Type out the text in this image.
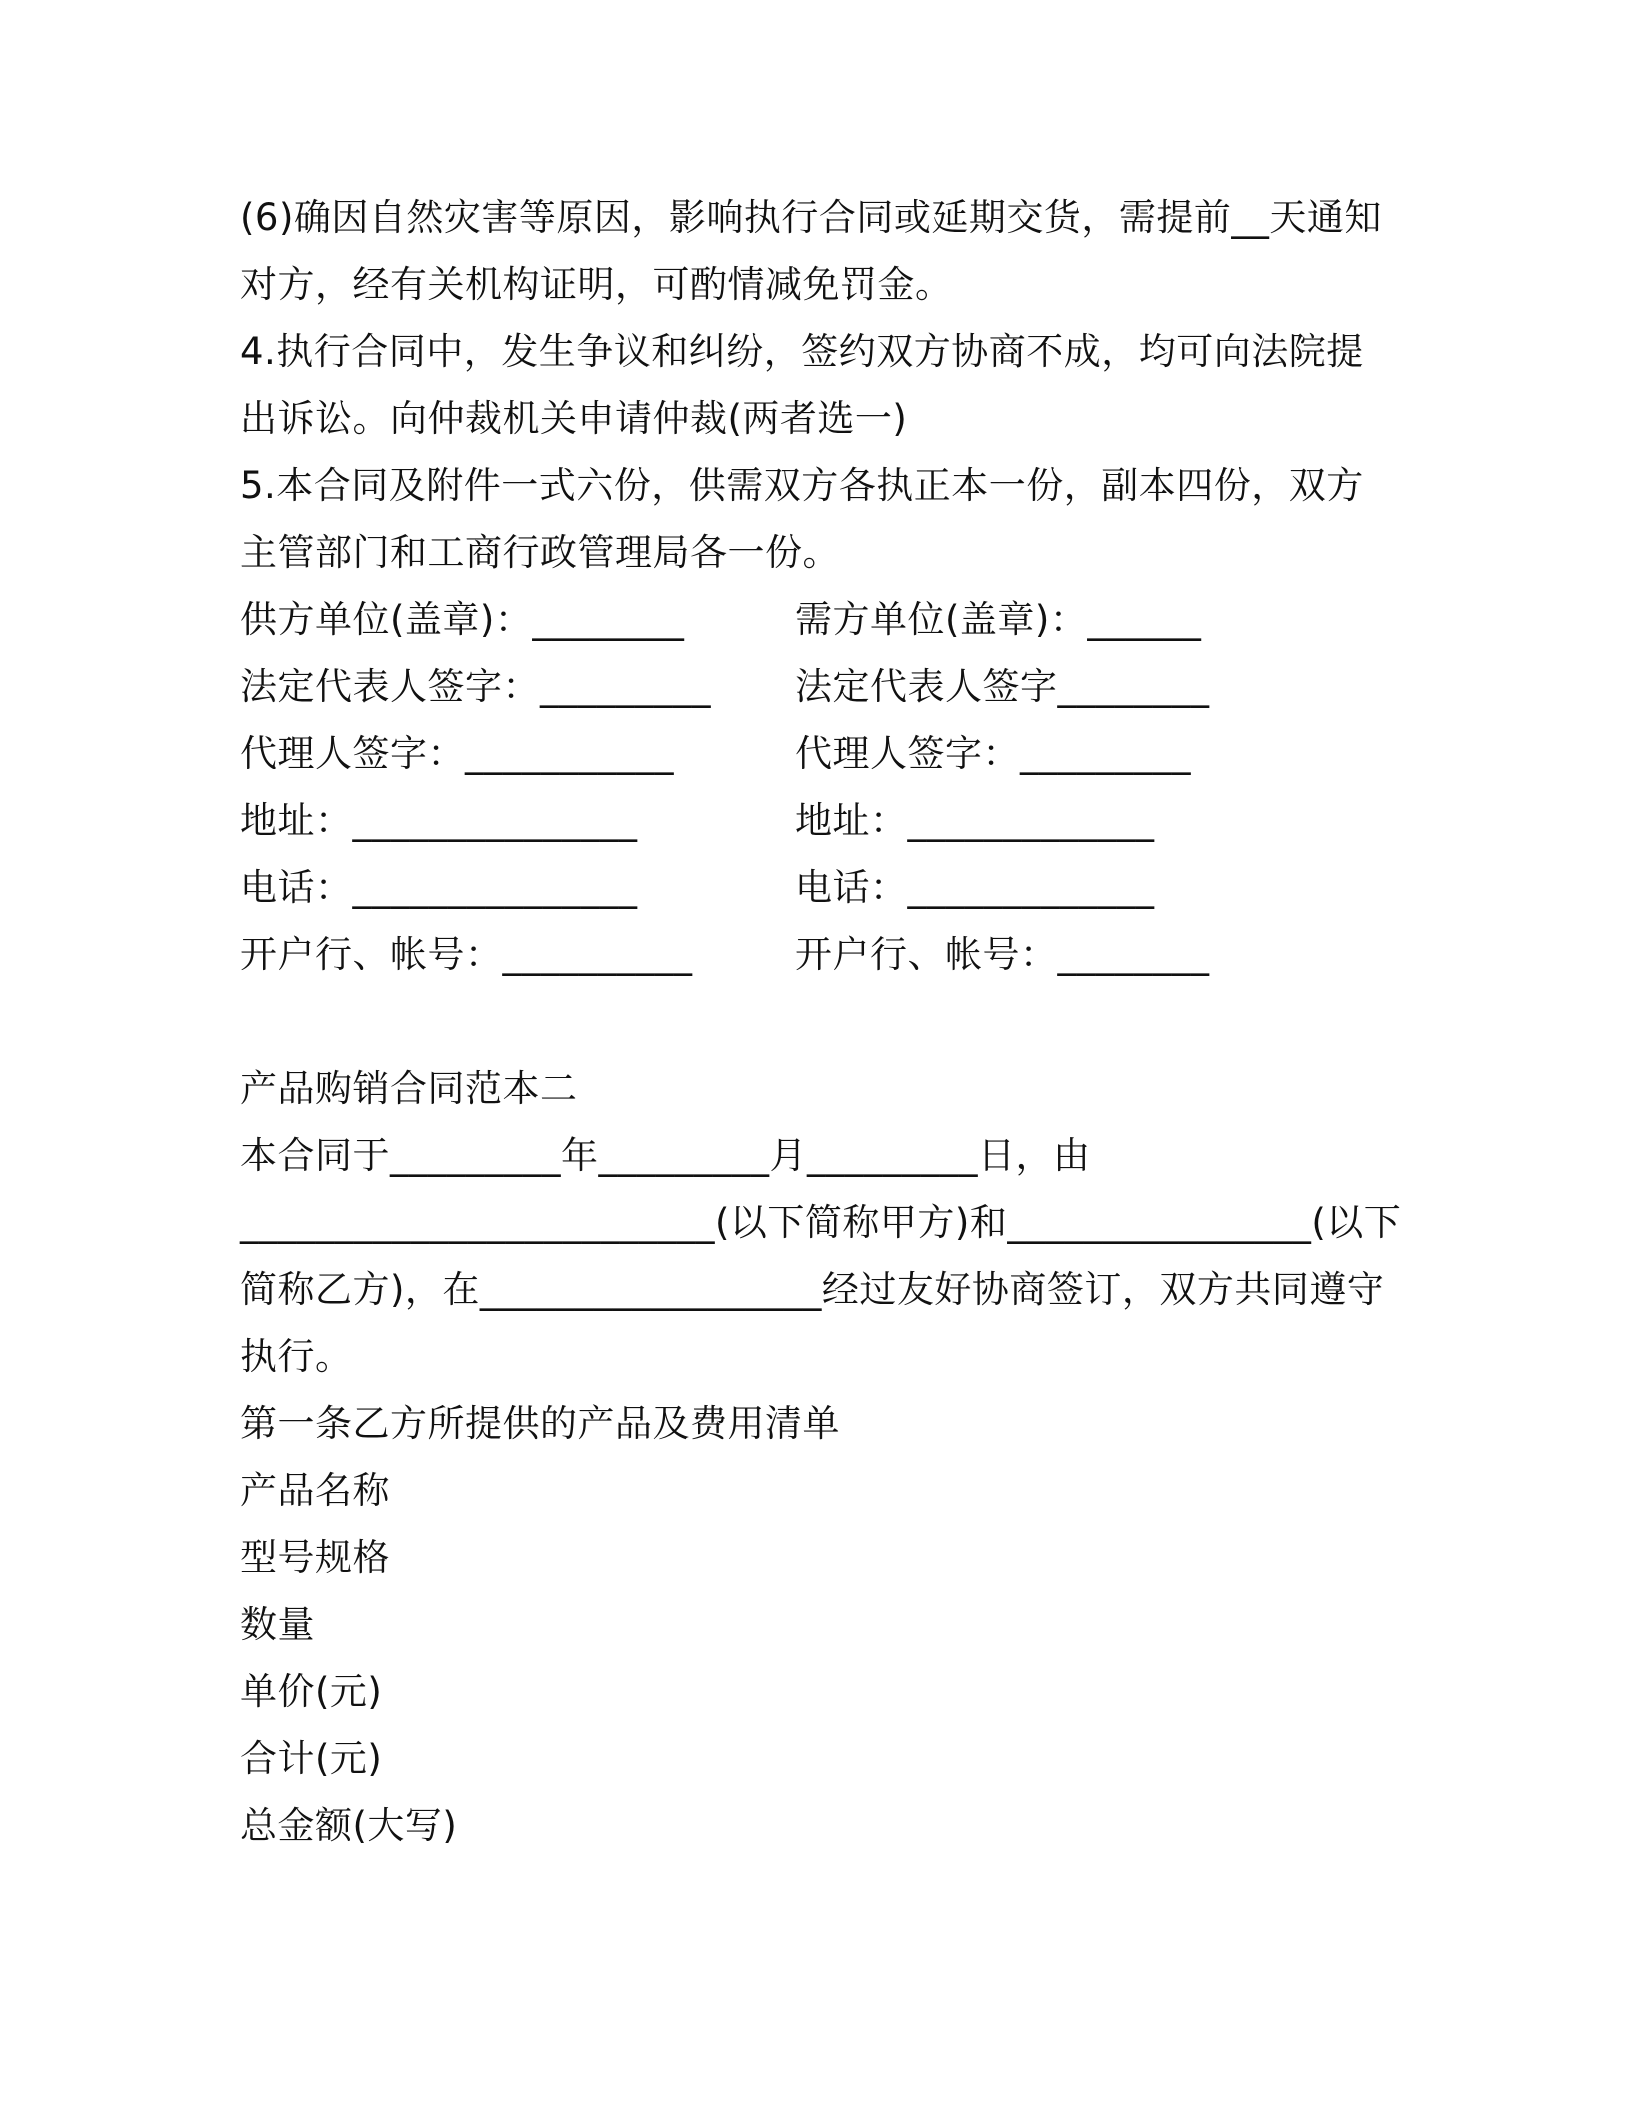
(6)确因自然灾害等原因，影响执行合同或延期交货，需提前__天通知
对方，经有关机构证明，可酌情减免罚金。
4.执行合同中，发生争议和纠纷，签约双方协商不成，均可向法院提
出诉讼。向仲裁机关申请仲裁(两者选一)
5.本合同及附件一式六份，供需双方各执正本一份，副本四份，双方
主管部门和工商行政管理局各一份。
供方单位(盖章)：________
法定代表人签字：_________
代理人签字：___________
地址：_______________
电话：_______________
开户行、帐号：__________
需方单位(盖章)：______
法定代表人签字________
代理人签字：_________
地址：_____________
电话：_____________
开户行、帐号：________
产品购销合同范本二
本合同于_________年_________月_________日，由
_________________________(以下简称甲方)和________________(以下
简称乙方)，在__________________经过友好协商签订，双方共同遵守
执行。
第一条乙方所提供的产品及费用清单
产品名称
型号规格
数量
单价(元)
合计(元)
总金额(大写)
